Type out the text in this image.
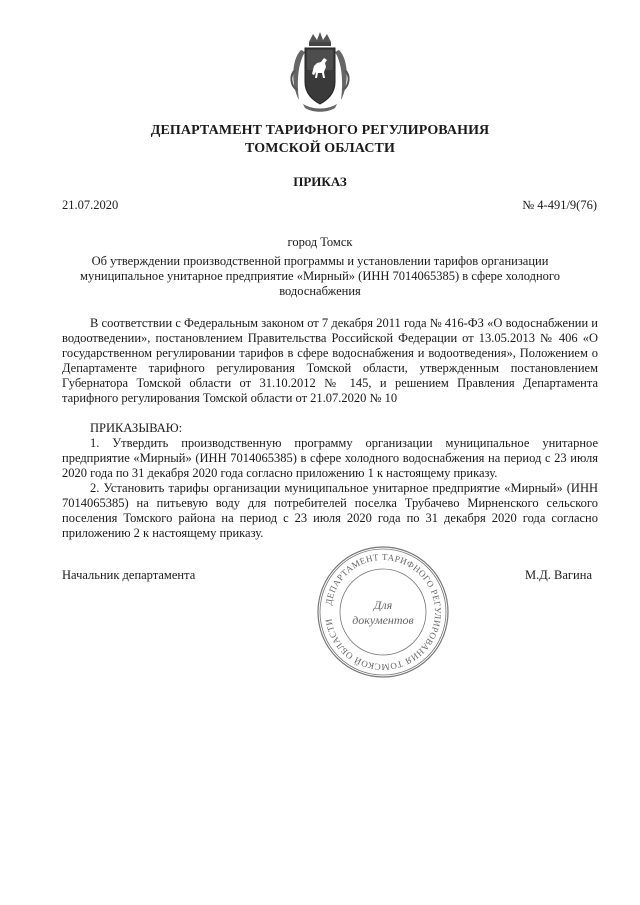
ДЕПАРТАМЕНТ ТАРИФНОГО РЕГУЛИРОВАНИЯ
ТОМСКОЙ ОБЛАСТИ
ПРИКАЗ
21.07.2020	№ 4-491/9(76)
город Томск
Об утверждении производственной программы и установлении тарифов организации муниципальное унитарное предприятие «Мирный» (ИНН 7014065385) в сфере холодного водоснабжения
В соответствии с Федеральным законом от 7 декабря 2011 года № 416-ФЗ «О водоснабжении и водоотведении», постановлением Правительства Российской Федерации от 13.05.2013 № 406 «О государственном регулировании тарифов в сфере водоснабжения и водоотведения», Положением о Департаменте тарифного регулирования Томской области, утвержденным постановлением Губернатора Томской области от 31.10.2012 № 145, и решением Правления Департамента тарифного регулирования Томской области от 21.07.2020 № 10
ПРИКАЗЫВАЮ:
1. Утвердить производственную программу организации муниципальное унитарное предприятие «Мирный» (ИНН 7014065385) в сфере холодного водоснабжения на период с 23 июля 2020 года по 31 декабря 2020 года согласно приложению 1 к настоящему приказу.
2. Установить тарифы организации муниципальное унитарное предприятие «Мирный» (ИНН 7014065385) на питьевую воду для потребителей поселка Трубачево Мирненского сельского поселения Томского района на период с 23 июля 2020 года по 31 декабря 2020 года согласно приложению 2 к настоящему приказу.
Начальник департамента	М.Д. Вагина
ДЕПАРТАМЕНТ ТАРИФНОГО РЕГУЛИРОВАНИЯ ТОМСКОЙ ОБЛАСТИ
Для
документов
